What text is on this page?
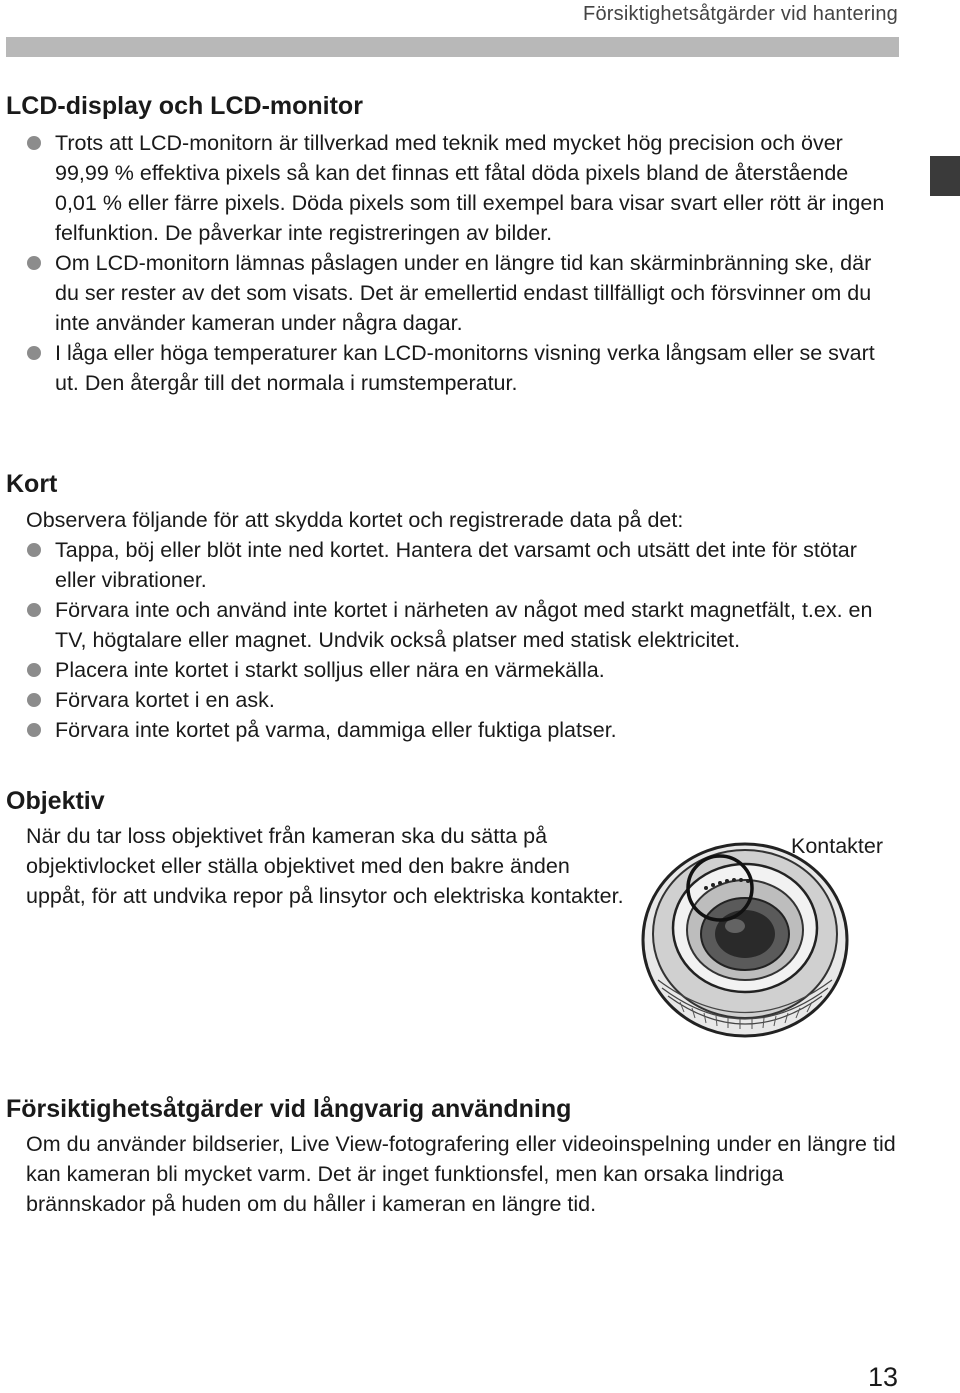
Försiktighetsåtgärder vid hantering
LCD-display och LCD-monitor
Trots att LCD-monitorn är tillverkad med teknik med mycket hög precision och över 99,99 % effektiva pixels så kan det finnas ett fåtal döda pixels bland de återstående 0,01 % eller färre pixels. Döda pixels som till exempel bara visar svart eller rött är ingen felfunktion. De påverkar inte registreringen av bilder.
Om LCD-monitorn lämnas påslagen under en längre tid kan skärminbränning ske, där du ser rester av det som visats. Det är emellertid endast tillfälligt och försvinner om du inte använder kameran under några dagar.
I låga eller höga temperaturer kan LCD-monitorns visning verka långsam eller se svart ut. Den återgår till det normala i rumstemperatur.
Kort

Observera följande för att skydda kortet och registrerade data på det:

Tappa, böj eller blöt inte ned kortet. Hantera det varsamt och utsätt det inte för stötar eller vibrationer.
Förvara inte och använd inte kortet i närheten av något med starkt magnetfält, t.ex. en TV, högtalare eller magnet. Undvik också platser med statisk elektricitet.
Placera inte kortet i starkt solljus eller nära en värmekälla.
Förvara kortet i en ask.
Förvara inte kortet på varma, dammiga eller fuktiga platser.
Objektiv

När du tar loss objektivet från kameran ska du sätta på objektivlocket eller ställa objektivet med den bakre änden uppåt, för att undvika repor på linsytor och elektriska kontakter.

Kontakter
Försiktighetsåtgärder vid långvarig användning

Om du använder bildserier, Live View-fotografering eller videoinspelning under en längre tid kan kameran bli mycket varm. Det är inget funktionsfel, men kan orsaka lindriga brännskador på huden om du håller i kameran en längre tid.

13
